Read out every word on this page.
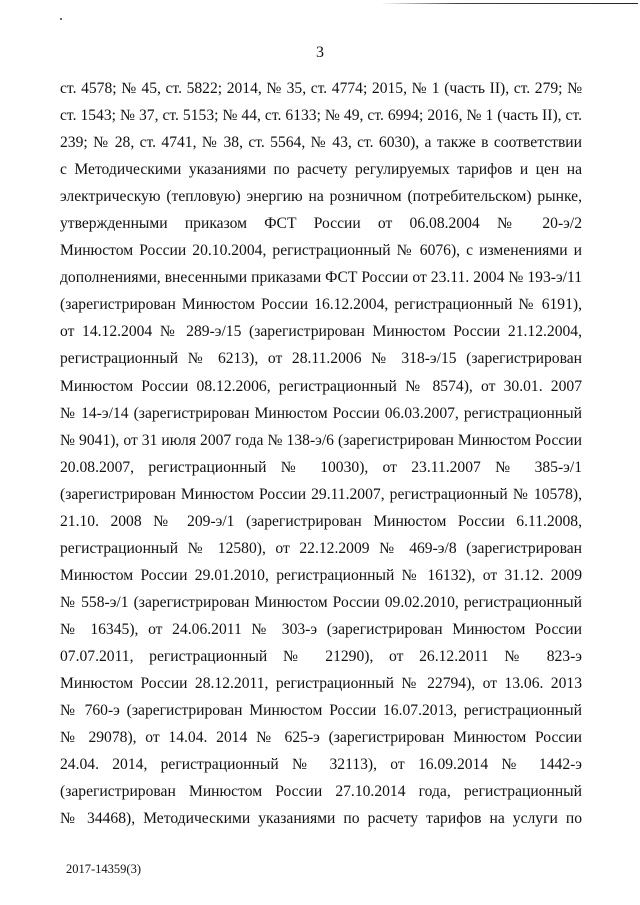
3
ст. 4578; № 45, ст. 5822; 2014, № 35, ст. 4774; 2015, № 1 (часть II), ст. 279; №
ст. 1543; № 37, ст. 5153; № 44, ст. 6133; № 49, ст. 6994; 2016, № 1 (часть II), ст.
239; № 28, ст. 4741, № 38, ст. 5564, № 43, ст. 6030), а также в соответствии
с Методическими указаниями по расчету регулируемых тарифов и цен на
электрическую (тепловую) энергию на розничном (потребительском) рынке,
утвержденными приказом ФСТ России от 06.08.2004 № 20-э/2
Минюстом России 20.10.2004, регистрационный № 6076), с изменениями и
дополнениями, внесенными приказами ФСТ России от 23.11. 2004 № 193-э/11
(зарегистрирован Минюстом России 16.12.2004, регистрационный № 6191),
от 14.12.2004 № 289-э/15 (зарегистрирован Минюстом России 21.12.2004,
регистрационный № 6213), от 28.11.2006 № 318-э/15 (зарегистрирован
Минюстом России 08.12.2006, регистрационный № 8574), от 30.01. 2007
№ 14-э/14 (зарегистрирован Минюстом России 06.03.2007, регистрационный
№ 9041), от 31 июля 2007 года № 138-э/6 (зарегистрирован Минюстом России
20.08.2007, регистрационный № 10030), от 23.11.2007 № 385-э/1
(зарегистрирован Минюстом России 29.11.2007, регистрационный № 10578),
21.10. 2008 № 209-э/1 (зарегистрирован Минюстом России 6.11.2008,
регистрационный № 12580), от 22.12.2009 № 469-э/8 (зарегистрирован
Минюстом России 29.01.2010, регистрационный № 16132), от 31.12. 2009
№ 558-э/1 (зарегистрирован Минюстом России 09.02.2010, регистрационный
№ 16345), от 24.06.2011 № 303-э (зарегистрирован Минюстом России
07.07.2011, регистрационный № 21290), от 26.12.2011 № 823-э
Минюстом России 28.12.2011, регистрационный № 22794), от 13.06. 2013
№ 760-э (зарегистрирован Минюстом России 16.07.2013, регистрационный
№ 29078), от 14.04. 2014 № 625-э (зарегистрирован Минюстом России
24.04. 2014, регистрационный № 32113), от 16.09.2014 № 1442-э
(зарегистрирован Минюстом России 27.10.2014 года, регистрационный
№ 34468), Методическими указаниями по расчету тарифов на услуги по
2017-14359(3)
